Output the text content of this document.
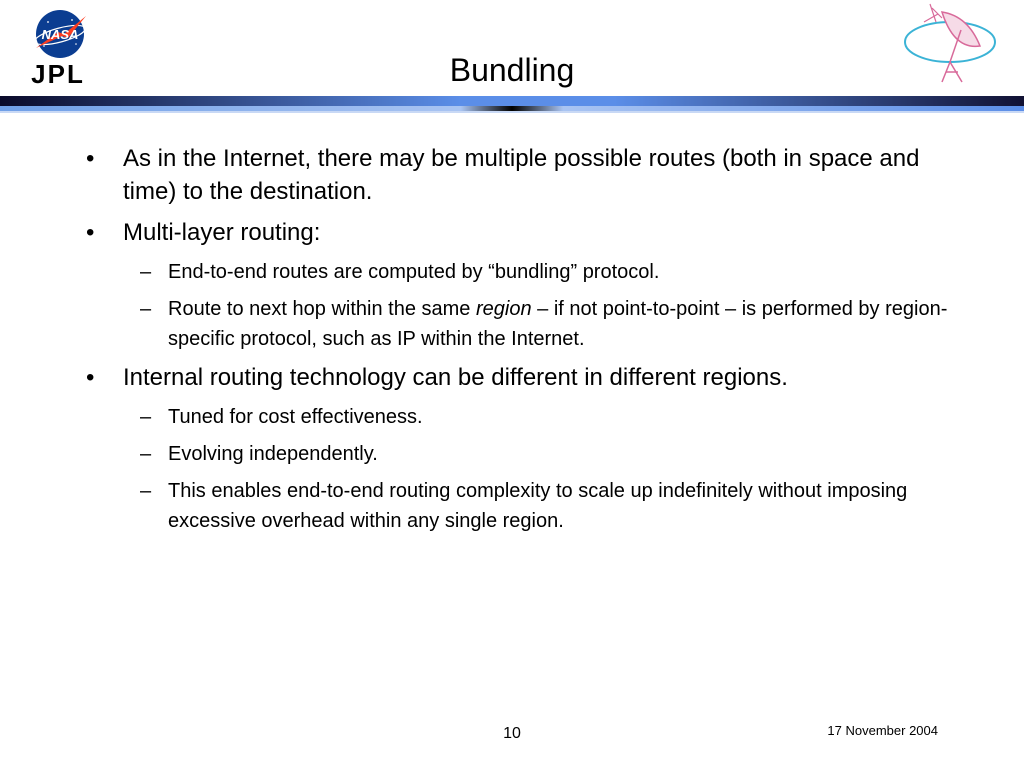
NASA
JPL	Bundling
• As in the Internet, there may be multiple possible routes (both in space and time) to the destination.
• Multi-layer routing:
– End-to-end routes are computed by “bundling” protocol.
– Route to next hop within the same region – if not point-to-point – is performed by region-specific protocol, such as IP within the Internet.
• Internal routing technology can be different in different regions.
– Tuned for cost effectiveness.
– Evolving independently.
– This enables end-to-end routing complexity to scale up indefinitely without imposing excessive overhead within any single region.
10	17 November 2004
